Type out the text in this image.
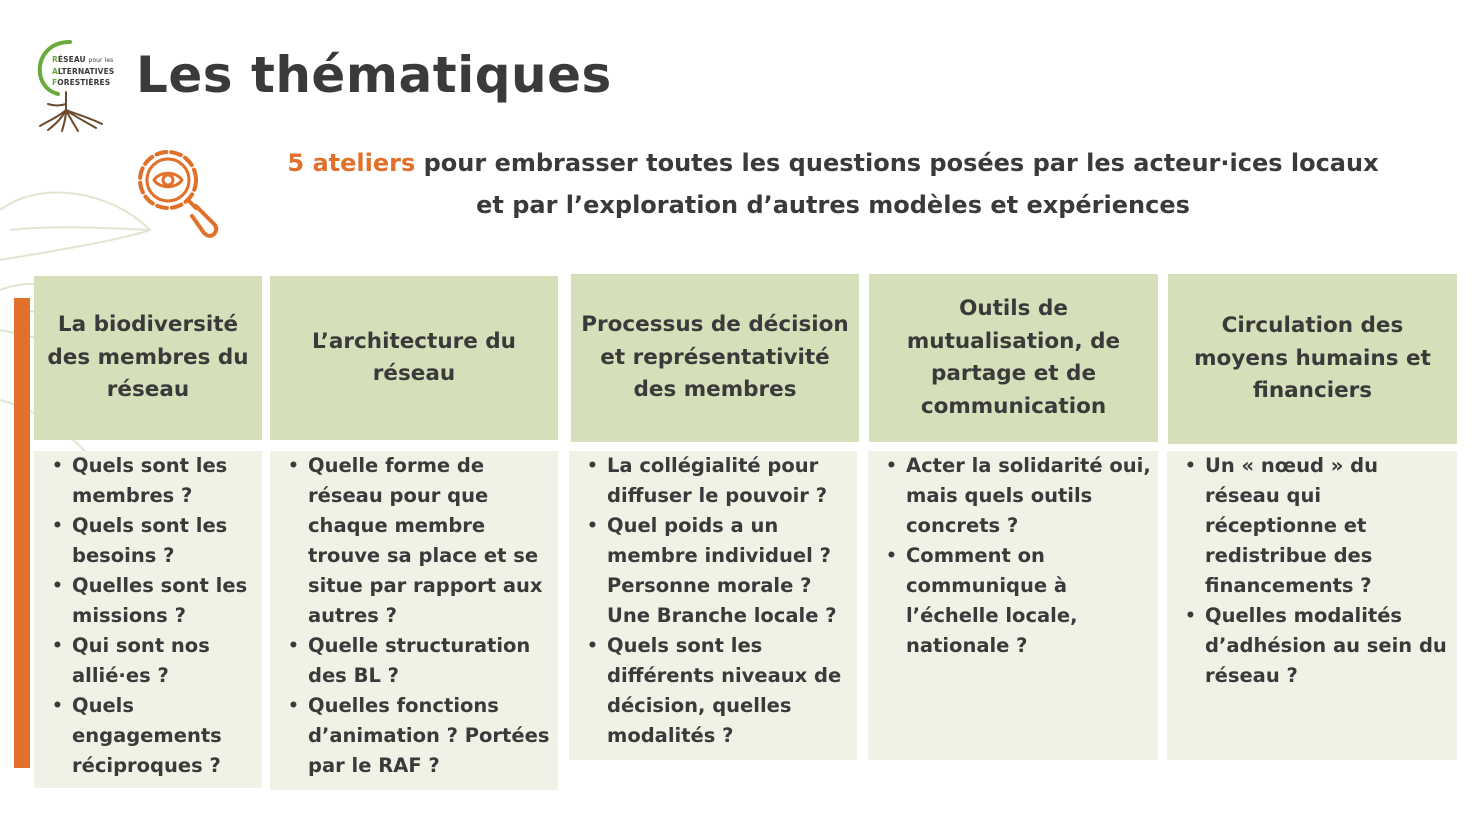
RÉSEAU pour les
ALTERNATIVES
FORESTIÈRES Les thématiques
5 ateliers pour embrasser toutes les questions posées par les acteur·ices locaux
et par l’exploration d’autres modèles et expériences
La biodiversité des membres du réseau
• Quels sont les membres ?
• Quels sont les besoins ?
• Quelles sont les missions ?
• Qui sont nos allié·es ?
• Quels engagements réciproques ?
L’architecture du réseau
• Quelle forme de réseau pour que chaque membre trouve sa place et se situe par rapport aux autres ?
• Quelle structuration des BL ?
• Quelles fonctions d’animation ? Portées par le RAF ?
Processus de décision et représentativité des membres
• La collégialité pour diffuser le pouvoir ?
• Quel poids a un membre individuel ? Personne morale ? Une Branche locale ?
• Quels sont les différents niveaux de décision, quelles modalités ?
Outils de mutualisation, de partage et de communication
• Acter la solidarité oui, mais quels outils concrets ?
• Comment on communique à l’échelle locale, nationale ?
Circulation des moyens humains et financiers
• Un « nœud » du réseau qui réceptionne et redistribue des financements ?
• Quelles modalités d’adhésion au sein du réseau ?
